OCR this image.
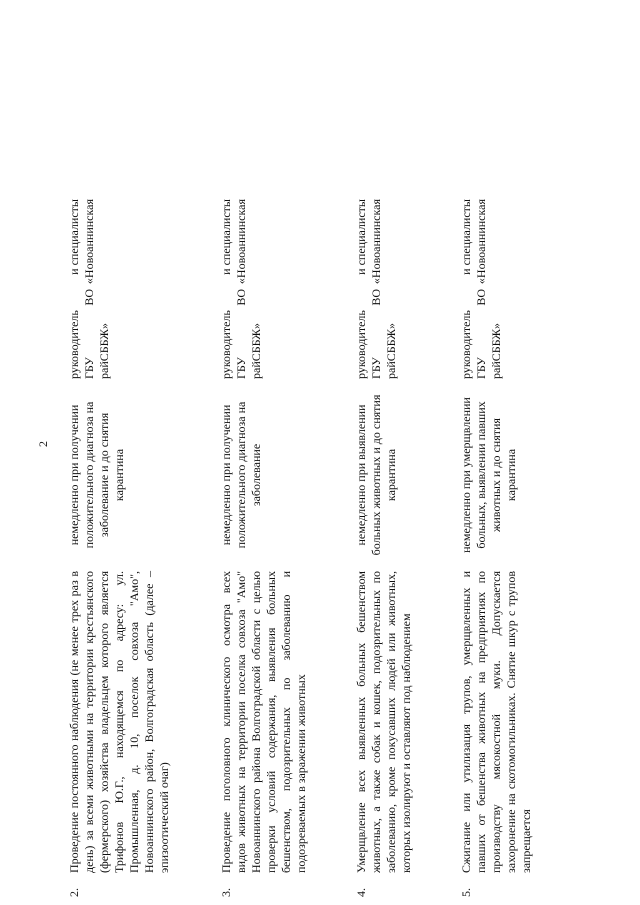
2
2.
Проведение постоянного наблюдения (не менее трех раз в день) за всеми животными на территории крестьянского (фермерского) хозяйства владельцем которого является Трифонов Ю.Г., находящемся по адресу: ул. Промышленная, д. 10, поселок совхоза "Амо", Новоаннинского район, Волгоградская область (далее – эпизоотический очаг)
немедленно при получении положительного диагноза на заболевание и до снятия карантина
руководитель ГБУ
ВО
райСББЖ»
и специалисты «Новоаннинская
3.
Проведение поголовного клинического осмотра всех видов животных на территории поселка совхоза "Амо" Новоаннинского района Волгоградской области с целью проверки условий содержания, выявления больных бешенством, подозрительных по заболеванию и подозреваемых в заражении животных
немедленно при получении положительного диагноза на заболевание
руководитель ГБУ
ВО
райСББЖ»
и специалисты «Новоаннинская
4.
Умерщвление всех выявленных больных бешенством животных, а также собак и кошек, подозрительных по заболеванию, кроме покусавших людей или животных, которых изолируют и оставляют под наблюдением
немедленно при выявлении больных животных и до снятия карантина
руководитель ГБУ
ВО
райСББЖ»
и специалисты «Новоаннинская
5.
Сжигание или утилизация трупов, умерщвленных и павших от бешенства животных на предприятиях по производству мясокостной муки. Допускается захоронение на скотомогильниках. Снятие шкур с трупов запрещается
немедленно при умерщвлении больных, выявлении павших животных и до снятия карантина
руководитель ГБУ
ВО
райСББЖ»
и специалисты «Новоаннинская
